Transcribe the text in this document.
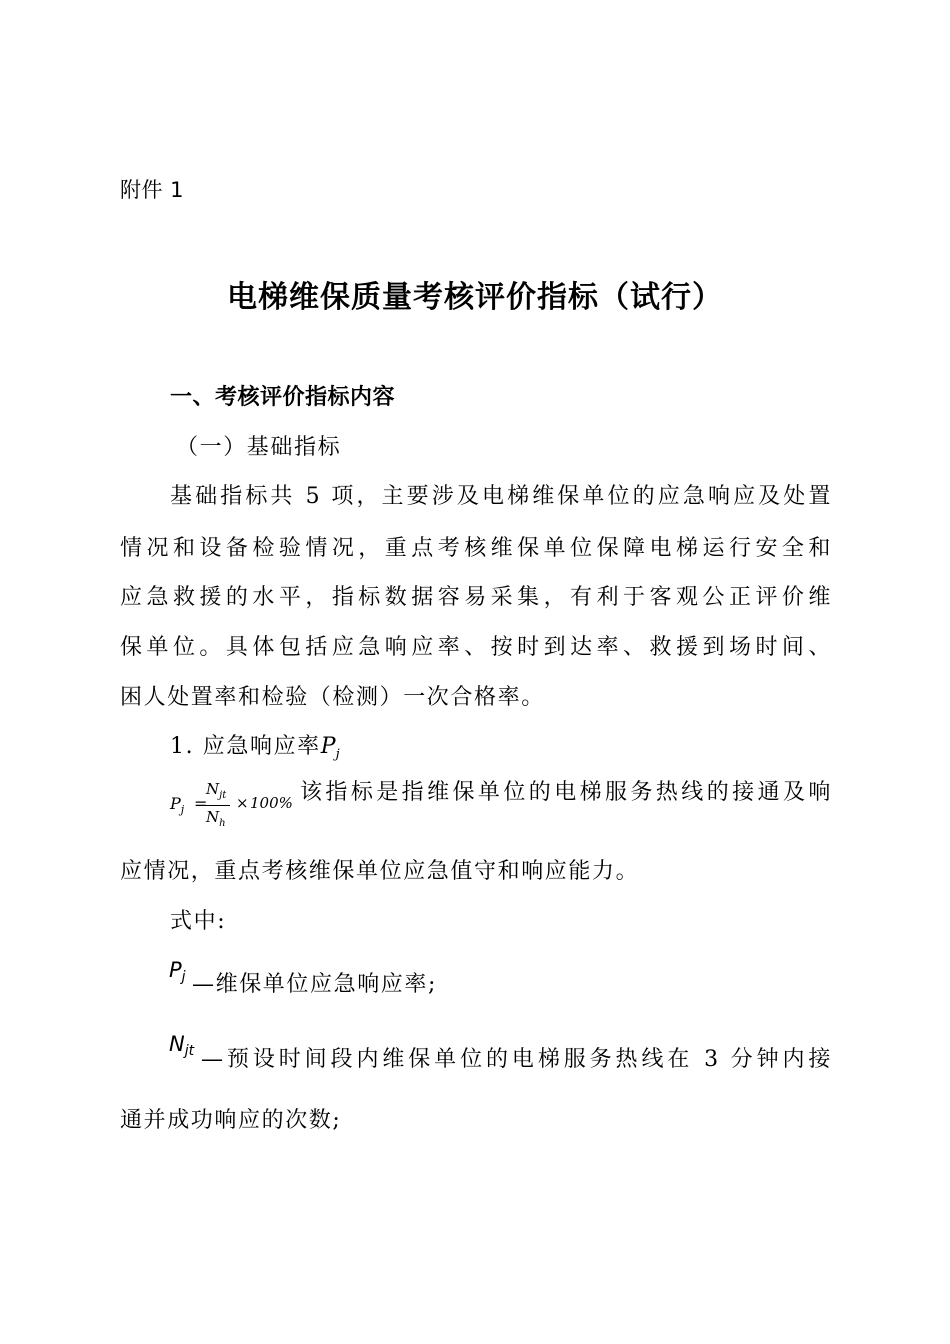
附件 1
电梯维保质量考核评价指标（试行）
一、考核评价指标内容
（一）基础指标
基础指标共 5 项，主要涉及电梯维保单位的应急响应及处置
情况和设备检验情况，重点考核维保单位保障电梯运行安全和
应急救援的水平，指标数据容易采集，有利于客观公正评价维
保单位。具体包括应急响应率、按时到达率、救援到场时间、
困人处置率和检验（检测）一次合格率。
1. 应急响应率$P_j$
$P_j$ =
$N_{jt}$
$N_h$
× 100% 该指标是指维保单位的电梯服务热线的接通及响
应情况，重点考核维保单位应急值守和响应能力。
式中:
Pj —维保单位应急响应率;
Njt —预设时间段内维保单位的电梯服务热线在 3 分钟内接
通并成功响应的次数;
